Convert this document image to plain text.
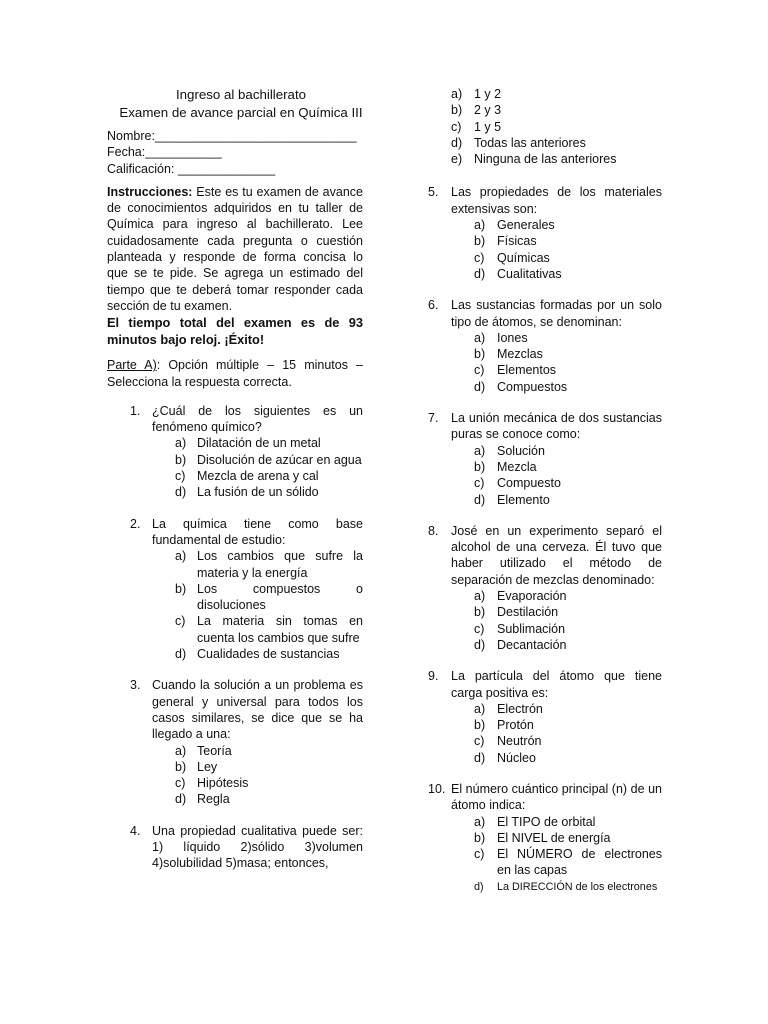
Ingreso al bachillerato
Examen de avance parcial en Química III
Nombre:_____________________________
Fecha:___________
Calificación: ______________
Instrucciones: Este es tu examen de avance de conocimientos adquiridos en tu taller de Química para ingreso al bachillerato. Lee cuidadosamente cada pregunta o cuestión planteada y responde de forma concisa lo que se te pide. Se agrega un estimado del tiempo que te deberá tomar responder cada sección de tu examen.
El tiempo total del examen es de 93 minutos bajo reloj. ¡Éxito!
Parte A): Opción múltiple – 15 minutos – Selecciona la respuesta correcta.
1. ¿Cuál de los siguientes es un fenómeno químico?
a) Dilatación de un metal
b) Disolución de azúcar en agua
c) Mezcla de arena y cal
d) La fusión de un sólido
2. La química tiene como base fundamental de estudio:
a) Los cambios que sufre la materia y la energía
b) Los compuestos o disoluciones
c) La materia sin tomas en cuenta los cambios que sufre
d) Cualidades de sustancias
3. Cuando la solución a un problema es general y universal para todos los casos similares, se dice que se ha llegado a una:
a) Teoría
b) Ley
c) Hipótesis
d) Regla
4. Una propiedad cualitativa puede ser: 1) líquido 2)sólido 3)volumen 4)solubilidad 5)masa; entonces,
a) 1 y 2
b) 2 y 3
c) 1 y 5
d) Todas las anteriores
e) Ninguna de las anteriores
5. Las propiedades de los materiales extensivas son:
a) Generales
b) Físicas
c) Químicas
d) Cualitativas
6. Las sustancias formadas por un solo tipo de átomos, se denominan:
a) Iones
b) Mezclas
c) Elementos
d) Compuestos
7. La unión mecánica de dos sustancias puras se conoce como:
a) Solución
b) Mezcla
c) Compuesto
d) Elemento
8. José en un experimento separó el alcohol de una cerveza. Él tuvo que haber utilizado el método de separación de mezclas denominado:
a) Evaporación
b) Destilación
c) Sublimación
d) Decantación
9. La partícula del átomo que tiene carga positiva es:
a) Electrón
b) Protón
c) Neutrón
d) Núcleo
10. El número cuántico principal (n) de un átomo indica:
a) El TIPO de orbital
b) El NIVEL de energía
c) El NÚMERO de electrones en las capas
d) La DIRECCIÓN de los electrones
